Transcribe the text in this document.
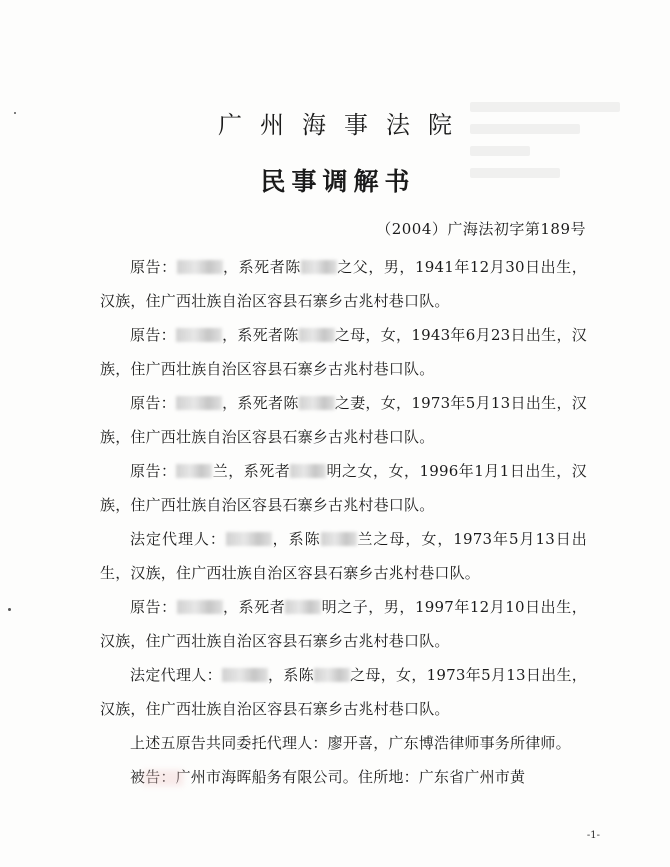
广州海事法院
民事调解书
（2004）广海法初字第189号

原告：	，系死者陈 之父，男，1941年12月30日出生，汉族，住广西壮族自治区容县石寨乡古兆村巷口队。

原告：	，系死者陈 之母，女，1943年6月23日出生，汉族，住广西壮族自治区容县石寨乡古兆村巷口队。

原告：	，系死者陈 之妻，女，1973年5月13日出生，汉族，住广西壮族自治区容县石寨乡古兆村巷口队。

原告： 兰，系死者 明之女，女，1996年1月1日出生，汉族，住广西壮族自治区容县石寨乡古兆村巷口队。

法定代理人：	，系陈 兰之母，女，1973年5月13日出生，汉族，住广西壮族自治区容县石寨乡古兆村巷口队。

原告：	，系死者 明之子，男，1997年12月10日出生，汉族，住广西壮族自治区容县石寨乡古兆村巷口队。

法定代理人：	，系陈 之母，女，1973年5月13日出生，汉族，住广西壮族自治区容县石寨乡古兆村巷口队。

上述五原告共同委托代理人：廖开喜，广东博浩律师事务所律师。

被告：广州市海晖船务有限公司。住所地：广东省广州市黄

-1-
